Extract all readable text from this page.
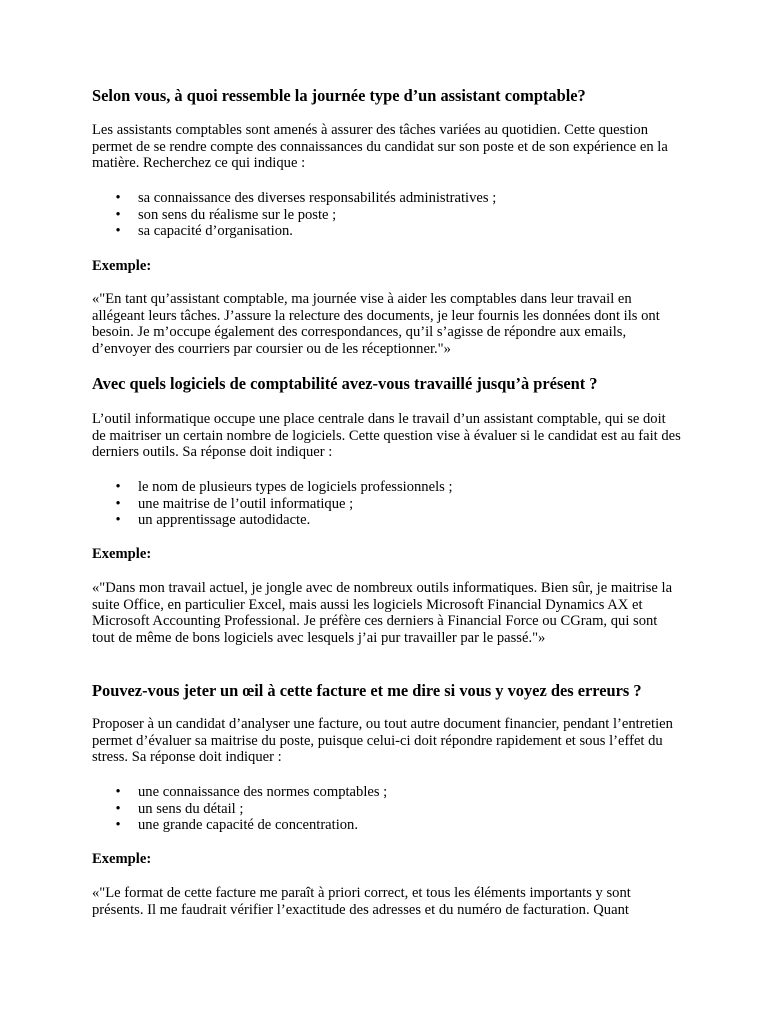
Selon vous, à quoi ressemble la journée type d’un assistant comptable?

Les assistants comptables sont amenés à assurer des tâches variées au quotidien. Cette question permet de se rendre compte des connaissances du candidat sur son poste et de son expérience en la matière. Recherchez ce qui indique :

• sa connaissance des diverses responsabilités administratives ;
• son sens du réalisme sur le poste ;
• sa capacité d’organisation.

Exemple:

«"En tant qu’assistant comptable, ma journée vise à aider les comptables dans leur travail en allégeant leurs tâches. J’assure la relecture des documents, je leur fournis les données dont ils ont besoin. Je m’occupe également des correspondances, qu’il s’agisse de répondre aux emails, d’envoyer des courriers par coursier ou de les réceptionner."»

Avec quels logiciels de comptabilité avez-vous travaillé jusqu’à présent ?

L’outil informatique occupe une place centrale dans le travail d’un assistant comptable, qui se doit de maitriser un certain nombre de logiciels. Cette question vise à évaluer si le candidat est au fait des derniers outils. Sa réponse doit indiquer :

• le nom de plusieurs types de logiciels professionnels ;
• une maitrise de l’outil informatique ;
• un apprentissage autodidacte.

Exemple:

«"Dans mon travail actuel, je jongle avec de nombreux outils informatiques. Bien sûr, je maitrise la suite Office, en particulier Excel, mais aussi les logiciels Microsoft Financial Dynamics AX et Microsoft Accounting Professional. Je préfère ces derniers à Financial Force ou CGram, qui sont tout de même de bons logiciels avec lesquels j’ai pur travailler par le passé."»

Pouvez-vous jeter un œil à cette facture et me dire si vous y voyez des erreurs ?

Proposer à un candidat d’analyser une facture, ou tout autre document financier, pendant l’entretien permet d’évaluer sa maitrise du poste, puisque celui-ci doit répondre rapidement et sous l’effet du stress. Sa réponse doit indiquer :

• une connaissance des normes comptables ;
• un sens du détail ;
• une grande capacité de concentration.

Exemple:

«"Le format de cette facture me paraît à priori correct, et tous les éléments importants y sont présents. Il me faudrait vérifier l’exactitude des adresses et du numéro de facturation. Quant
